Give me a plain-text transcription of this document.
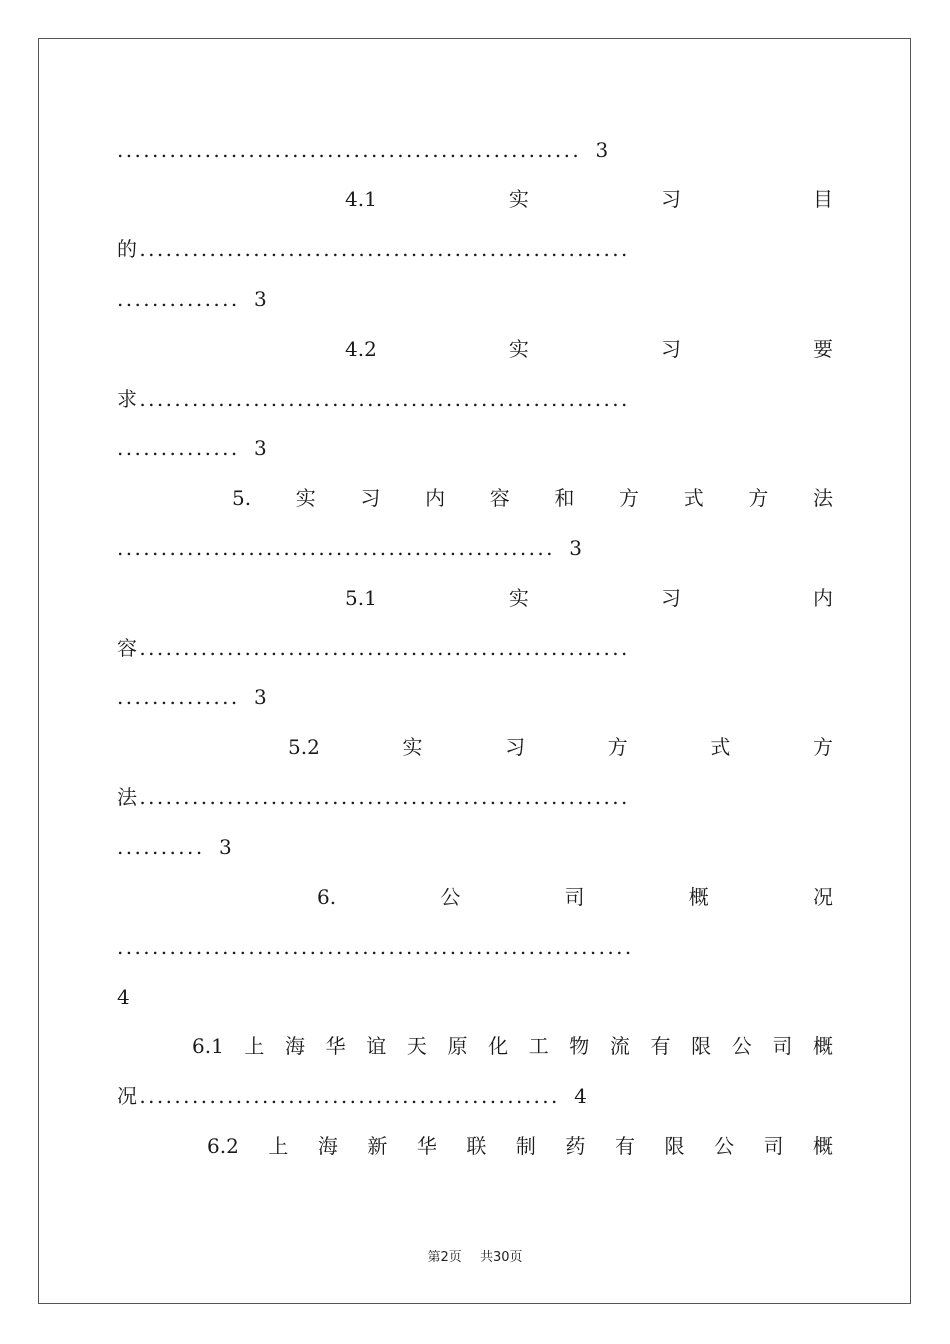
..................................................... 3
4.1	实	习	目
的........................................................
.............. 3
4.2	实	习	要
求........................................................
.............. 3
5. 实 习 内 容 和 方 式 方 法
.................................................. 3
5.1	实	习	内
容........................................................
.............. 3
5.2	实	习	方	式	方
法........................................................
.......... 3
6.	公	司	概	况
...........................................................
4
6.1 上 海 华 谊 天 原 化 工 物 流 有 限 公 司 概
况................................................ 4
6.2 上 海 新 华 联 制 药 有 限 公 司 概
第2页 共30页
